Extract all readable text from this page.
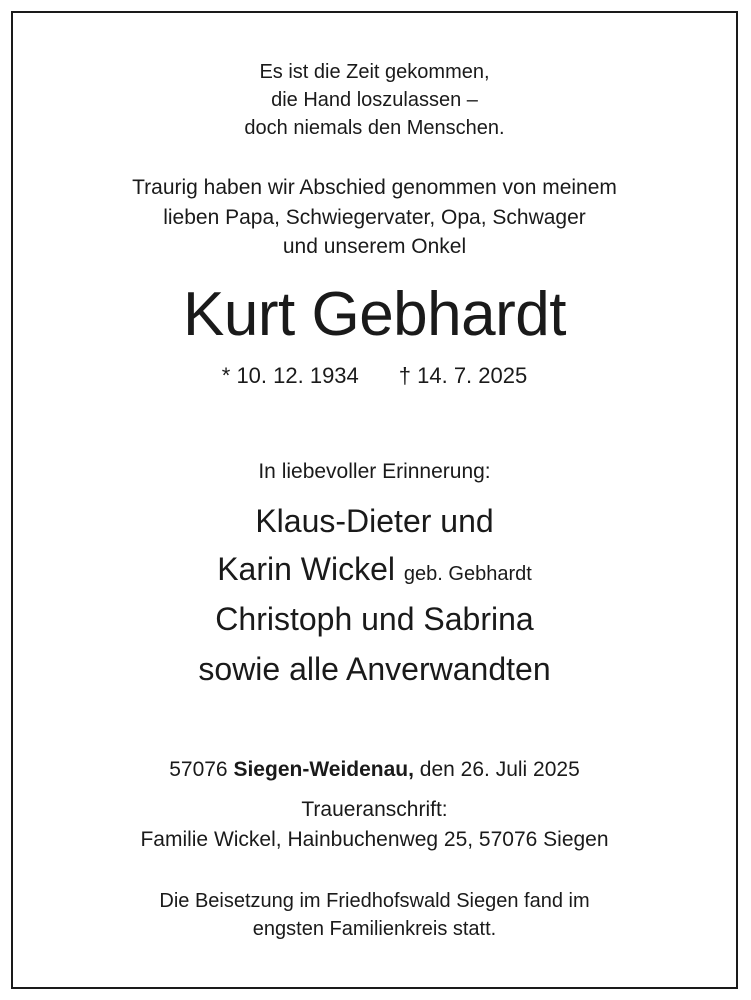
Es ist die Zeit gekommen,
die Hand loszulassen –
doch niemals den Menschen.
Traurig haben wir Abschied genommen von meinem
lieben Papa, Schwiegervater, Opa, Schwager
und unserem Onkel
Kurt Gebhardt
* 10. 12. 1934 † 14. 7. 2025
In liebevoller Erinnerung:
Klaus-Dieter und
Karin Wickel geb. Gebhardt
Christoph und Sabrina
sowie alle Anverwandten
57076 Siegen-Weidenau, den 26. Juli 2025
Traueranschrift:
Familie Wickel, Hainbuchenweg 25, 57076 Siegen
Die Beisetzung im Friedhofswald Siegen fand im
engsten Familienkreis statt.
